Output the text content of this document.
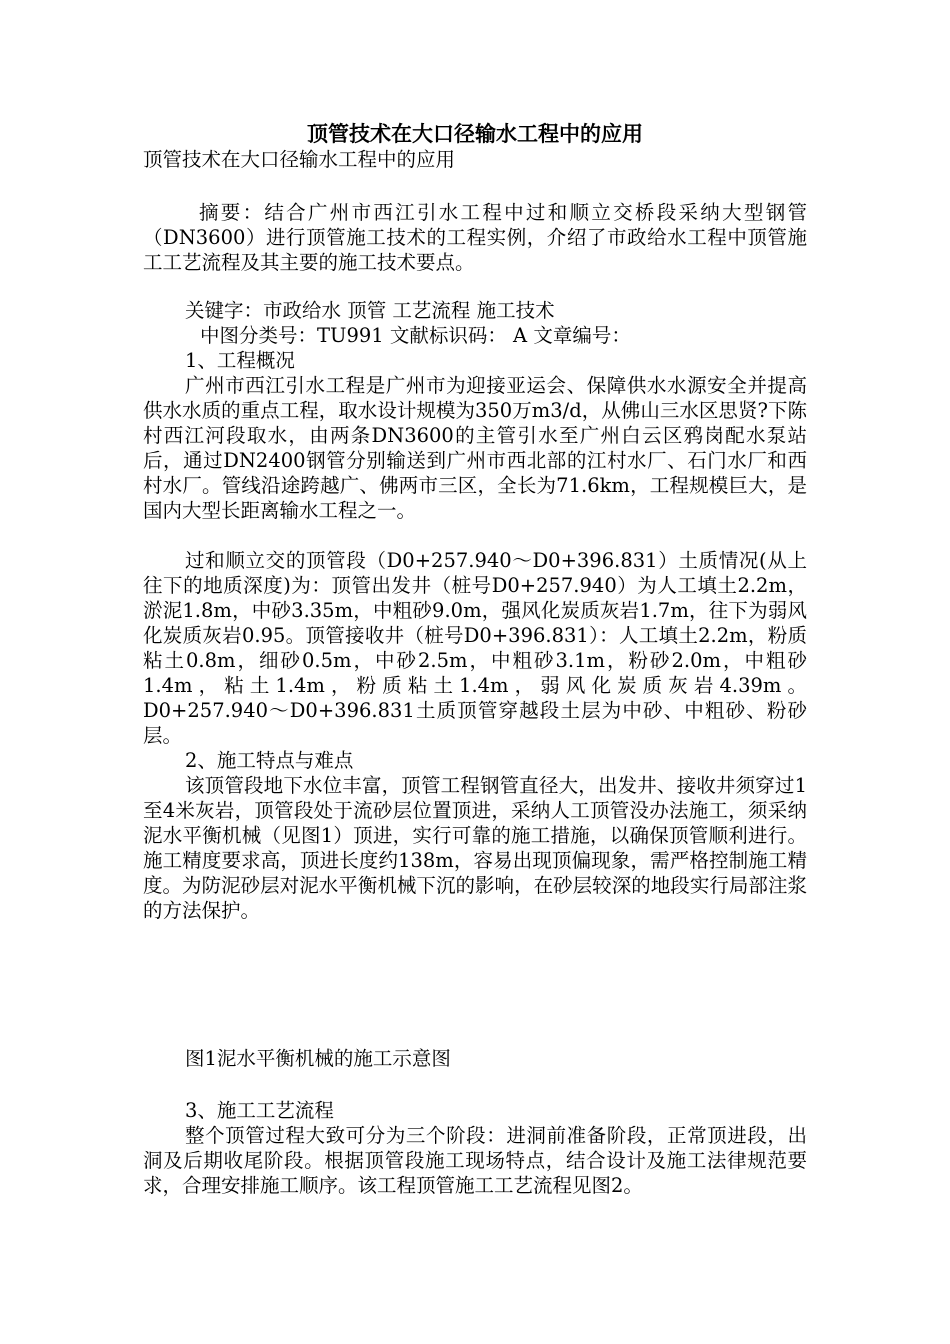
顶管技术在大口径输水工程中的应用

顶管技术在大口径输水工程中的应用

摘要：结合广州市西江引水工程中过和顺立交桥段采纳大型钢管（DN3600）进行顶管施工技术的工程实例，介绍了市政给水工程中顶管施工工艺流程及其主要的施工技术要点。

关键字：市政给水 顶管 工艺流程 施工技术

中图分类号：TU991 文献标识码： A 文章编号：

1、工程概况

广州市西江引水工程是广州市为迎接亚运会、保障供水水源安全并提高供水水质的重点工程，取水设计规模为350万m3/d，从佛山三水区思贤?下陈村西江河段取水，由两条DN3600的主管引水至广州白云区鸦岗配水泵站后，通过DN2400钢管分别输送到广州市西北部的江村水厂、石门水厂和西村水厂。管线沿途跨越广、佛两市三区，全长为71.6km，工程规模巨大，是国内大型长距离输水工程之一。

过和顺立交的顶管段（D0+257.940～D0+396.831）土质情况(从上往下的地质深度)为：顶管出发井（桩号D0+257.940）为人工填土2.2m，淤泥1.8m，中砂3.35m，中粗砂9.0m，强风化炭质灰岩1.7m，往下为弱风化炭质灰岩0.95。顶管接收井（桩号D0+396.831）：人工填土2.2m，粉质粘土0.8m，细砂0.5m，中砂2.5m，中粗砂3.1m，粉砂2.0m，中粗砂1.4m，粘土1.4m，粉质粘土1.4m，弱风化炭质灰岩4.39m。D0+257.940～D0+396.831土质顶管穿越段土层为中砂、中粗砂、粉砂层。

2、施工特点与难点

该顶管段地下水位丰富，顶管工程钢管直径大，出发井、接收井须穿过1至4米灰岩，顶管段处于流砂层位置顶进，采纳人工顶管没办法施工，须采纳泥水平衡机械（见图1）顶进，实行可靠的施工措施，以确保顶管顺利进行。施工精度要求高，顶进长度约138m，容易出现顶偏现象，需严格控制施工精度。为防泥砂层对泥水平衡机械下沉的影响，在砂层较深的地段实行局部注浆的方法保护。

图1泥水平衡机械的施工示意图

3、施工工艺流程

整个顶管过程大致可分为三个阶段：进洞前准备阶段，正常顶进段，出洞及后期收尾阶段。根据顶管段施工现场特点，结合设计及施工法律规范要求，合理安排施工顺序。该工程顶管施工工艺流程见图2。
